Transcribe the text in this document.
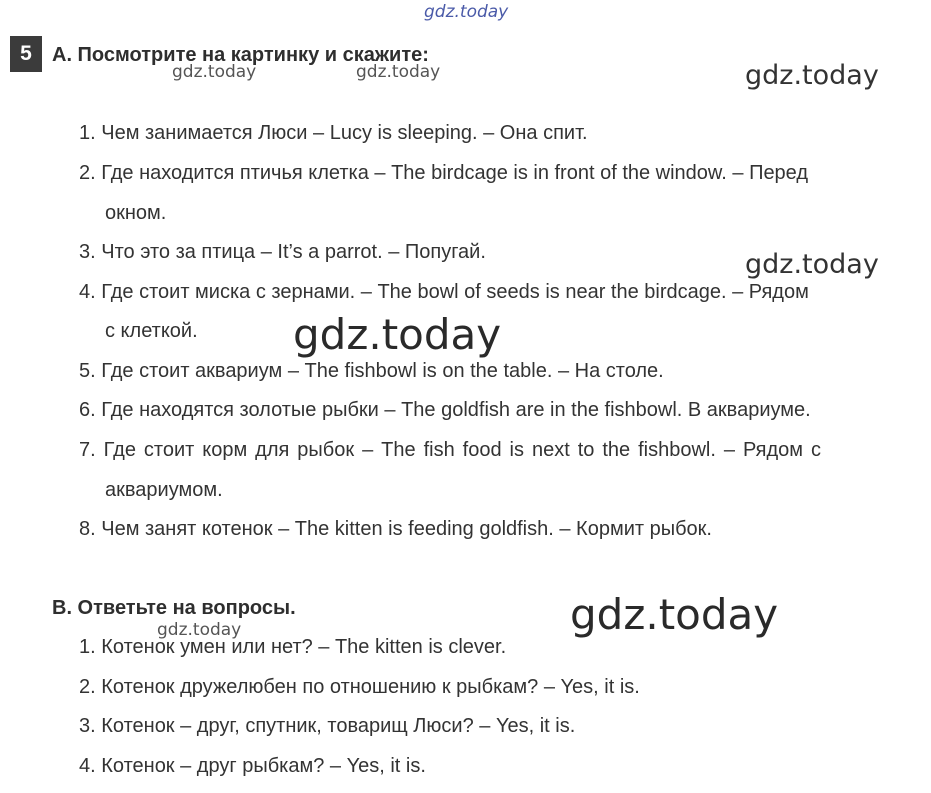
gdz.today
gdz.today	gdz.today	gdz.today
gdz.today
gdz.today
gdz.today
gdz.today
5	A. Посмотрите на картинку и скажите:
1. Чем занимается Люси – Lucy is sleeping. – Она спит.
2. Где находится птичья клетка – The birdcage is in front of the window. – Перед
окном.
3. Что это за птица – It’s a parrot. – Попугай.
4. Где стоит миска с зернами. – The bowl of seeds is near the birdcage. – Рядом
с клеткой.
5. Где стоит аквариум – The fishbowl is on the table. – На столе.
6. Где находятся золотые рыбки – The goldfish are in the fishbowl. В аквариуме.
7. Где стоит корм для рыбок – The fish food is next to the fishbowl. – Рядом с
аквариумом.
8. Чем занят котенок – The kitten is feeding goldfish. – Кормит рыбок.
B. Ответьте на вопросы.
1. Котенок умен или нет? – The kitten is clever.
2. Котенок дружелюбен по отношению к рыбкам? – Yes, it is.
3. Котенок – друг, спутник, товарищ Люси? – Yes, it is.
4. Котенок – друг рыбкам? – Yes, it is.
